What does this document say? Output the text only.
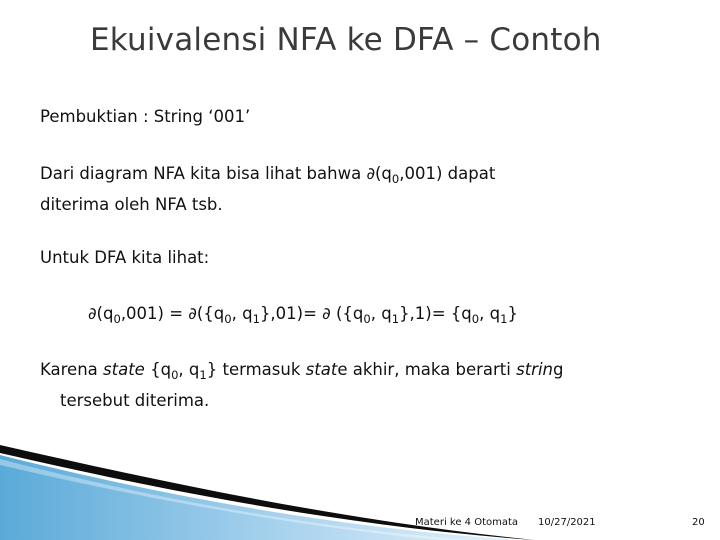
Ekuivalensi NFA ke DFA – Contoh
Pembuktian : String ‘001’
Dari diagram NFA kita bisa lihat bahwa $\partial(q_0,001)$ dapat
diterima oleh NFA tsb.
Untuk DFA kita lihat:
$\partial(q_0,001) = \partial(\{q_0$, $q_1\},01)=$ ∂ ({$q_0$, $q_1\},1)= \{q_0$, $q_1$}
Karena state {$q_0$, $q_1$} termasuk state akhir, maka berarti string
tersebut diterima.
Materi ke 4 Otomata 10/27/2021	20
